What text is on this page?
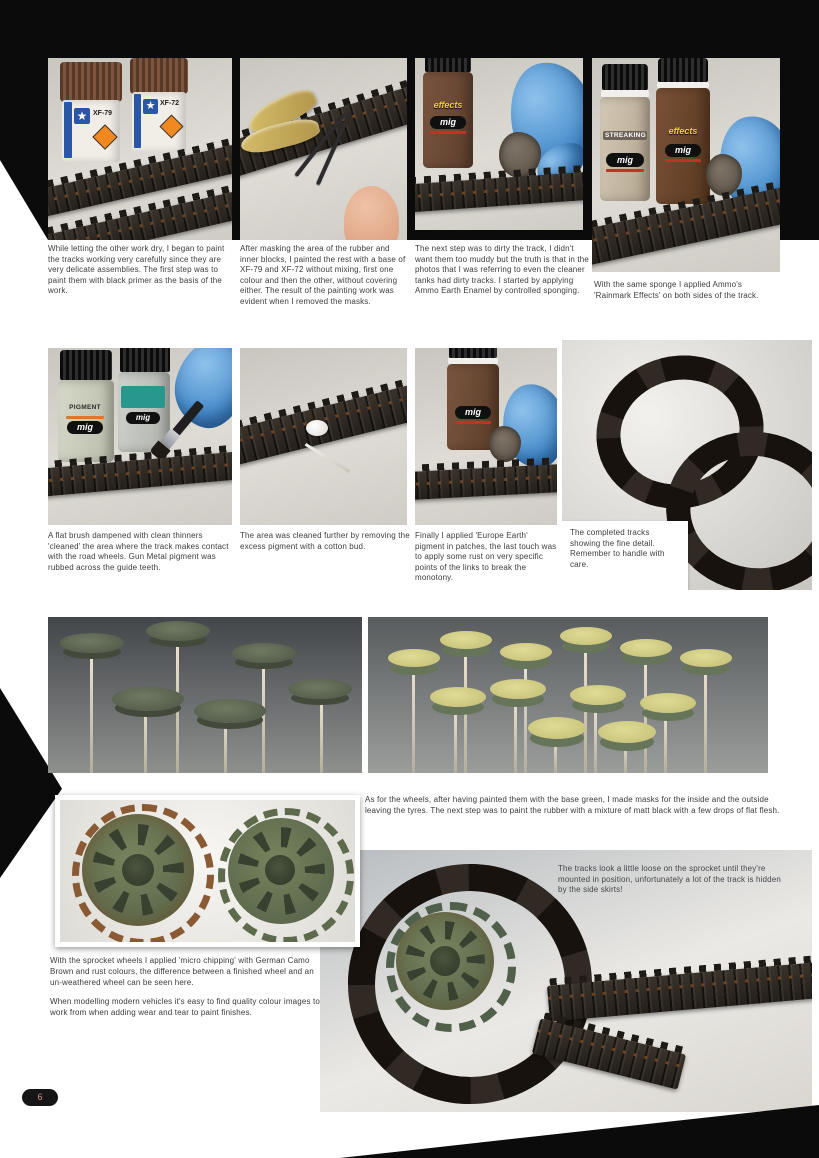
★ XF-79
★ XF-72	effects
mig
STREAKING
mig
effects
mig
While letting the other work dry, I began to paint the tracks working very carefully since they are very delicate assemblies. The first step was to paint them with black primer as the basis of the work.
After masking the area of the rubber and inner blocks, I painted the rest with a base of XF-79 and XF-72 without mixing, first one colour and then the other, without covering either. The result of the painting work was evident when I removed the masks.
The next step was to dirty the track, I didn't want them too muddy but the truth is that in the photos that I was referring to even the cleaner tanks had dirty tracks. I started by applying Ammo Earth Enamel by controlled sponging.
With the same sponge I applied Ammo's 'Rainmark Effects' on both sides of the track.
PIGMENT
mig
mig
mig
The completed tracks showing the fine detail. Remember to handle with care.
A flat brush dampened with clean thinners 'cleaned' the area where the track makes contact with the road wheels. Gun Metal pigment was rubbed across the guide teeth.
The area was cleaned further by removing the excess pigment with a cotton bud.
Finally I applied 'Europe Earth' pigment in patches, the last touch was to apply some rust on very specific points of the links to break the monotony.
As for the wheels, after having painted them with the base green, I made masks for the inside and the outside leaving the tyres. The next step was to paint the rubber with a mixture of matt black with a few drops of flat flesh.
The tracks look a little loose on the sprocket until they're mounted in position, unfortunately a lot of the track is hidden by the side skirts!

With the sprocket wheels I applied 'micro chipping' with German Camo Brown and rust colours, the difference between a finished wheel and an un-weathered wheel can be seen here.

When modelling modern vehicles it's easy to find quality colour images to work from when adding wear and tear to paint finishes.

6
